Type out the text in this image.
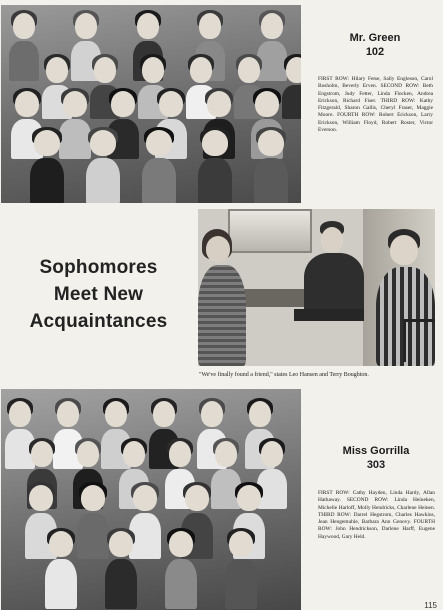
Mr. Green
102
FIRST ROW: Hilary Fetse, Sally Engleson, Carol Bosholm, Beverly Erven. SECOND ROW: Beth Engstrom, Judy Fetter, Linda Flocken, Andrea Erickson, Richard Fiser. THIRD ROW: Kathy Fitzgerald, Sharon Gallis, Cheryl Fraser, Maggie Moore. FOURTH ROW: Robert Erickson, Larry Erickson, William Floyd, Robert Roster, Victor Everson.
Sophomores
Meet New
Acquaintances
"We've finally found a friend," states Leo Hansen and Terry Boughton.
Miss Gorrilla
303
FIRST ROW: Cathy Hayden, Linda Hardy, Allan Hathaway. SECOND ROW: Linda Heineken, Michelle Harloff, Molly Hendricks, Charlene Heinen. THIRD ROW: Darrel Hegstrom, Charles Hawkins, Jean Hengemuhle, Barbara Ann Genovy. FOURTH ROW: John Hendrickson, Darlene Harff, Eugene Haywood, Gary Held.
115
